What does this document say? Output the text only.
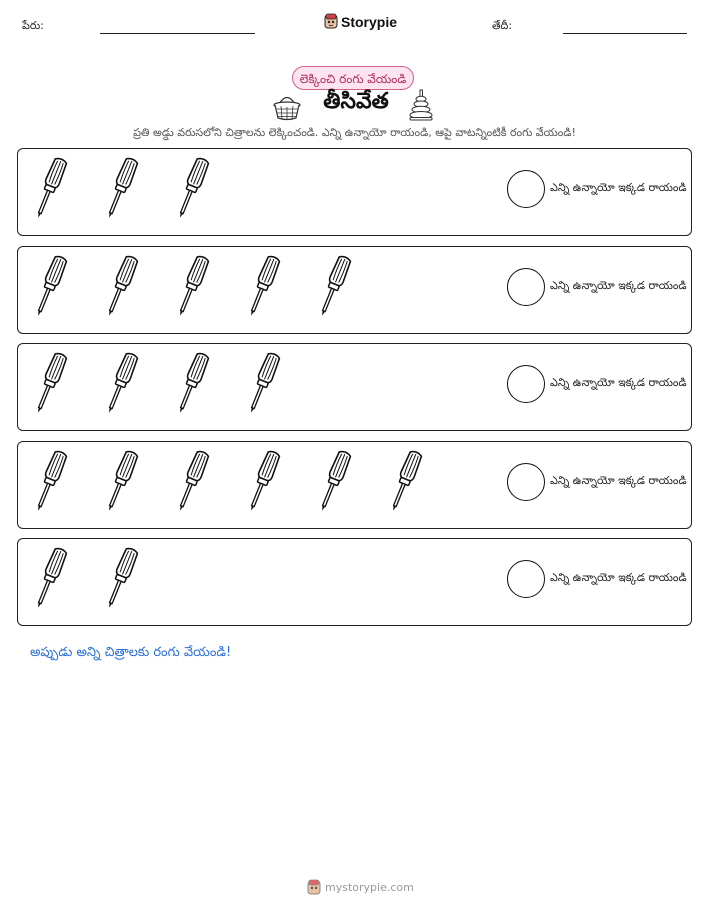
పేరు:	Storypie	తేదీ:
లెక్కించి రంగు వేయండి
తీసివేత
ప్రతి అడ్డు వరుసలోని చిత్రాలను లెక్కించండి. ఎన్ని ఉన్నాయో రాయండి, ఆపై వాటన్నింటికీ రంగు వేయండి!
ఎన్ని ఉన్నాయో ఇక్కడ రాయండి
ఎన్ని ఉన్నాయో ఇక్కడ రాయండి
ఎన్ని ఉన్నాయో ఇక్కడ రాయండి
ఎన్ని ఉన్నాయో ఇక్కడ రాయండి
ఎన్ని ఉన్నాయో ఇక్కడ రాయండి
అప్పుడు అన్ని చిత్రాలకు రంగు వేయండి!
mystorypie.com
